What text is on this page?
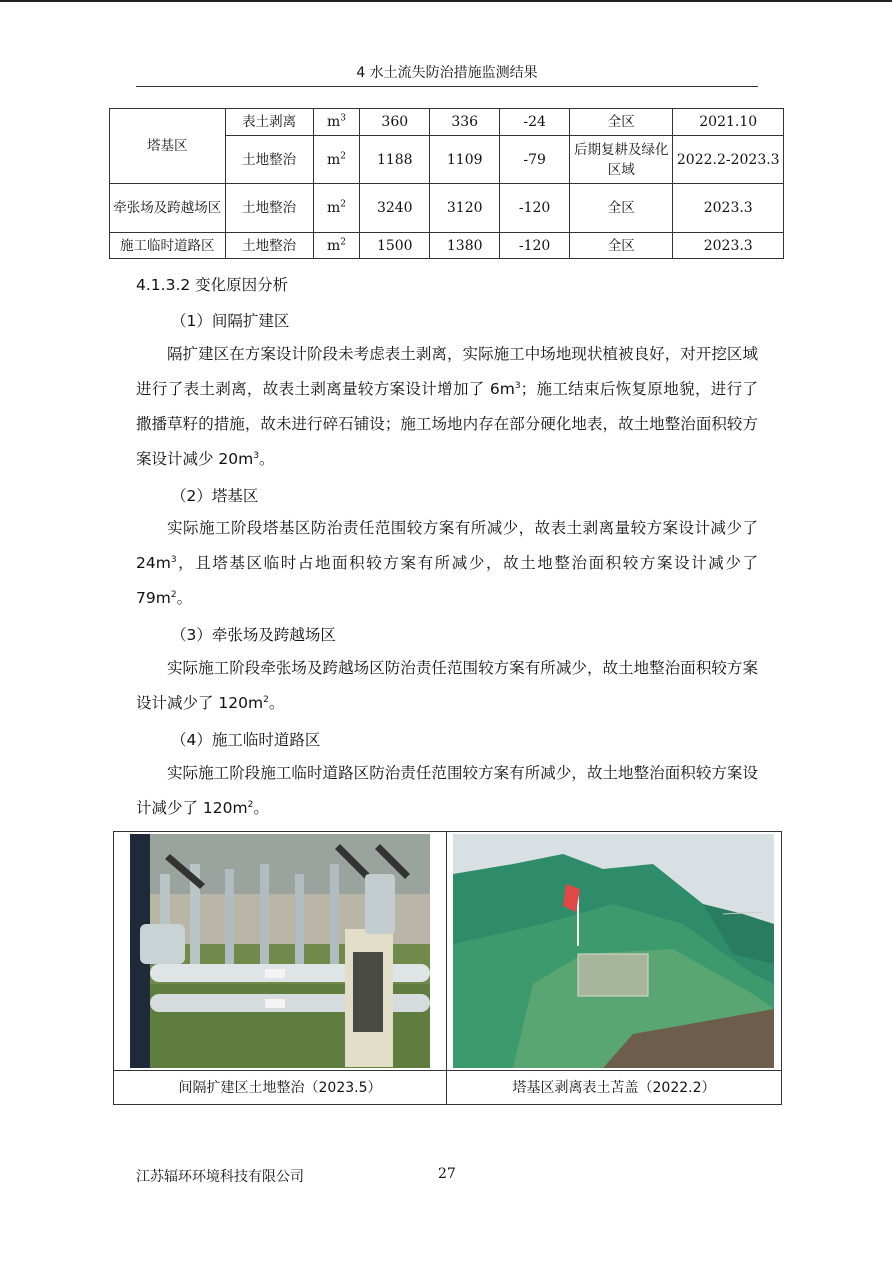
4 水土流失防治措施监测结果
塔基区	表土剥离	$m^3$	360	336	-24	全区	2021.10
	土地整治	$m^2$	1188	1109	-79	后期复耕及绿化区域	2022.2-2023.3
牵张场及跨越场区	土地整治	$m^2$	3240	3120	-120	全区	2023.3
施工临时道路区	土地整治	$m^2$	1500	1380	-120	全区	2023.3
4.1.3.2 变化原因分析
（1）间隔扩建区
隔扩建区在方案设计阶段未考虑表土剥离，实际施工中场地现状植被良好，对开挖区域进行了表土剥离，故表土剥离量较方案设计增加了 $6m^3$；施工结束后恢复原地貌，进行了撒播草籽的措施，故未进行碎石铺设；施工场地内存在部分硬化地表，故土地整治面积较方案设计减少 $20m^3$。
（2）塔基区
实际施工阶段塔基区防治责任范围较方案有所减少，故表土剥离量较方案设计减少了 $24m^3$，且塔基区临时占地面积较方案有所减少，故土地整治面积较方案设计减少了 $79m^2$。
（3）牵张场及跨越场区
实际施工阶段牵张场及跨越场区防治责任范围较方案有所减少，故土地整治面积较方案设计减少了 $120m^2$。
（4）施工临时道路区
实际施工阶段施工临时道路区防治责任范围较方案有所减少，故土地整治面积较方案设计减少了 $120m^2$。
间隔扩建区土地整治（2023.5）	塔基区剥离表土苫盖（2022.2）
江苏辐环环境科技有限公司	27
